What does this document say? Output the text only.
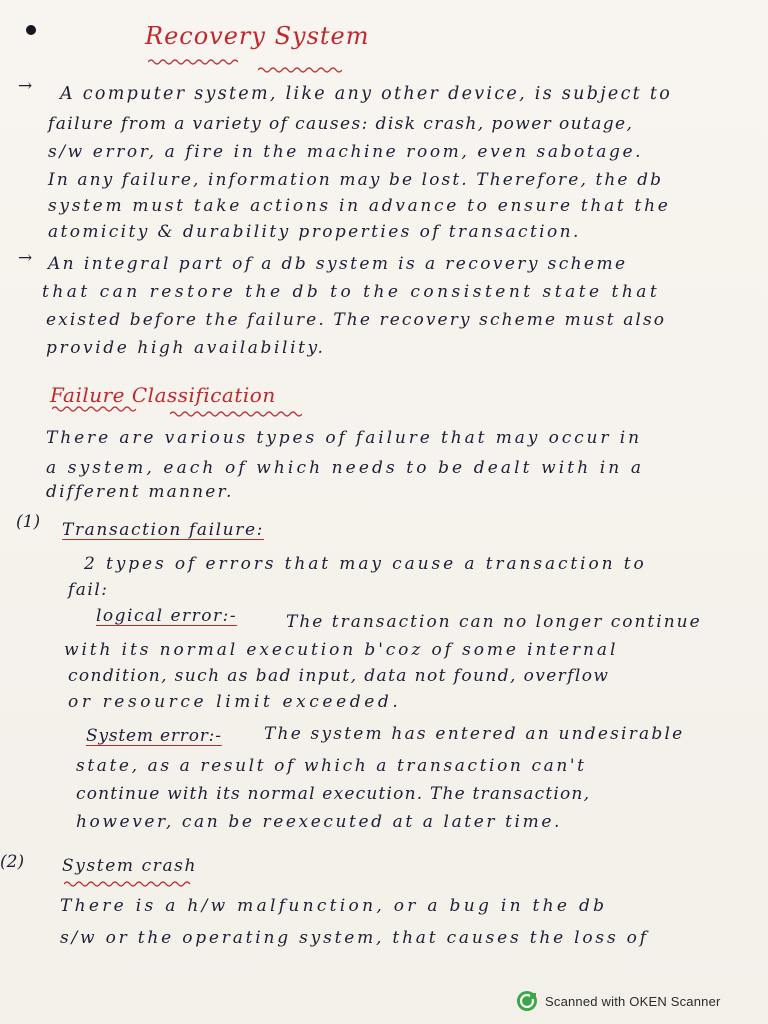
Recovery System
→ A computer system, like any other device, is subject to
failure from a variety of causes: disk crash, power outage,
s/w error, a fire in the machine room, even sabotage.
In any failure, information may be lost. Therefore, the db
system must take actions in advance to ensure that the
atomicity & durability properties of transaction.
→ An integral part of a db system is a recovery scheme
that can restore the db to the consistent state that
existed before the failure. The recovery scheme must also
provide high availability.
Failure Classification
There are various types of failure that may occur in
a system, each of which needs to be dealt with in a
different manner.
(1) Transaction failure:
2 types of errors that may cause a transaction to
fail:
logical error:-	The transaction can no longer continue
with its normal execution b'coz of some internal
condition, such as bad input, data not found, overflow
or resource limit exceeded.
System error:- The system has entered an undesirable
state, as a result of which a transaction can't
continue with its normal execution. The transaction,
however, can be reexecuted at a later time.
(2) System crash
There is a h/w malfunction, or a bug in the db
s/w or the operating system, that causes the loss of
Scanned with OKEN Scanner
